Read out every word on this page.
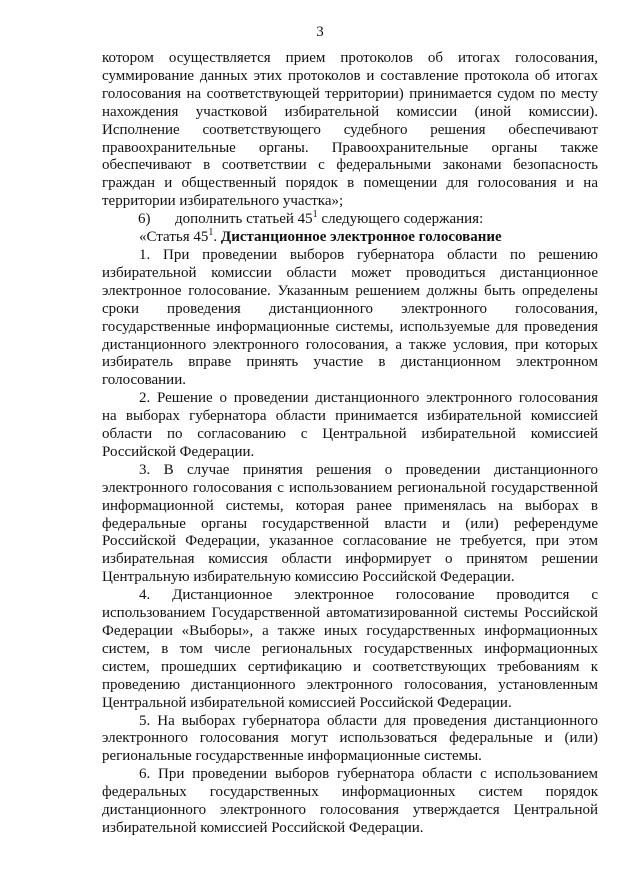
3

котором осуществляется прием протоколов об итогах голосования, суммирование данных этих протоколов и составление протокола об итогах голосования на соответствующей территории) принимается судом по месту нахождения участковой избирательной комиссии (иной комиссии). Исполнение соответствующего судебного решения обеспечивают правоохранительные органы. Правоохранительные органы также обеспечивают в соответствии с федеральными законами безопасность граждан и общественный порядок в помещении для голосования и на территории избирательного участка»;

6) дополнить статьей $45^1$ следующего содержания:

«Статья $45^1$. Дистанционное электронное голосование

1. При проведении выборов губернатора области по решению избирательной комиссии области может проводиться дистанционное электронное голосование. Указанным решением должны быть определены сроки проведения дистанционного электронного голосования, государственные информационные системы, используемые для проведения дистанционного электронного голосования, а также условия, при которых избиратель вправе принять участие в дистанционном электронном голосовании.

2. Решение о проведении дистанционного электронного голосования на выборах губернатора области принимается избирательной комиссией области по согласованию с Центральной избирательной комиссией Российской Федерации.

3. В случае принятия решения о проведении дистанционного электронного голосования с использованием региональной государственной информационной системы, которая ранее применялась на выборах в федеральные органы государственной власти и (или) референдуме Российской Федерации, указанное согласование не требуется, при этом избирательная комиссия области информирует о принятом решении Центральную избирательную комиссию Российской Федерации.

4. Дистанционное электронное голосование проводится с использованием Государственной автоматизированной системы Российской Федерации «Выборы», а также иных государственных информационных систем, в том числе региональных государственных информационных систем, прошедших сертификацию и соответствующих требованиям к проведению дистанционного электронного голосования, установленным Центральной избирательной комиссией Российской Федерации.

5. На выборах губернатора области для проведения дистанционного электронного голосования могут использоваться федеральные и (или) региональные государственные информационные системы.

6. При проведении выборов губернатора области с использованием федеральных государственных информационных систем порядок дистанционного электронного голосования утверждается Центральной избирательной комиссией Российской Федерации.
